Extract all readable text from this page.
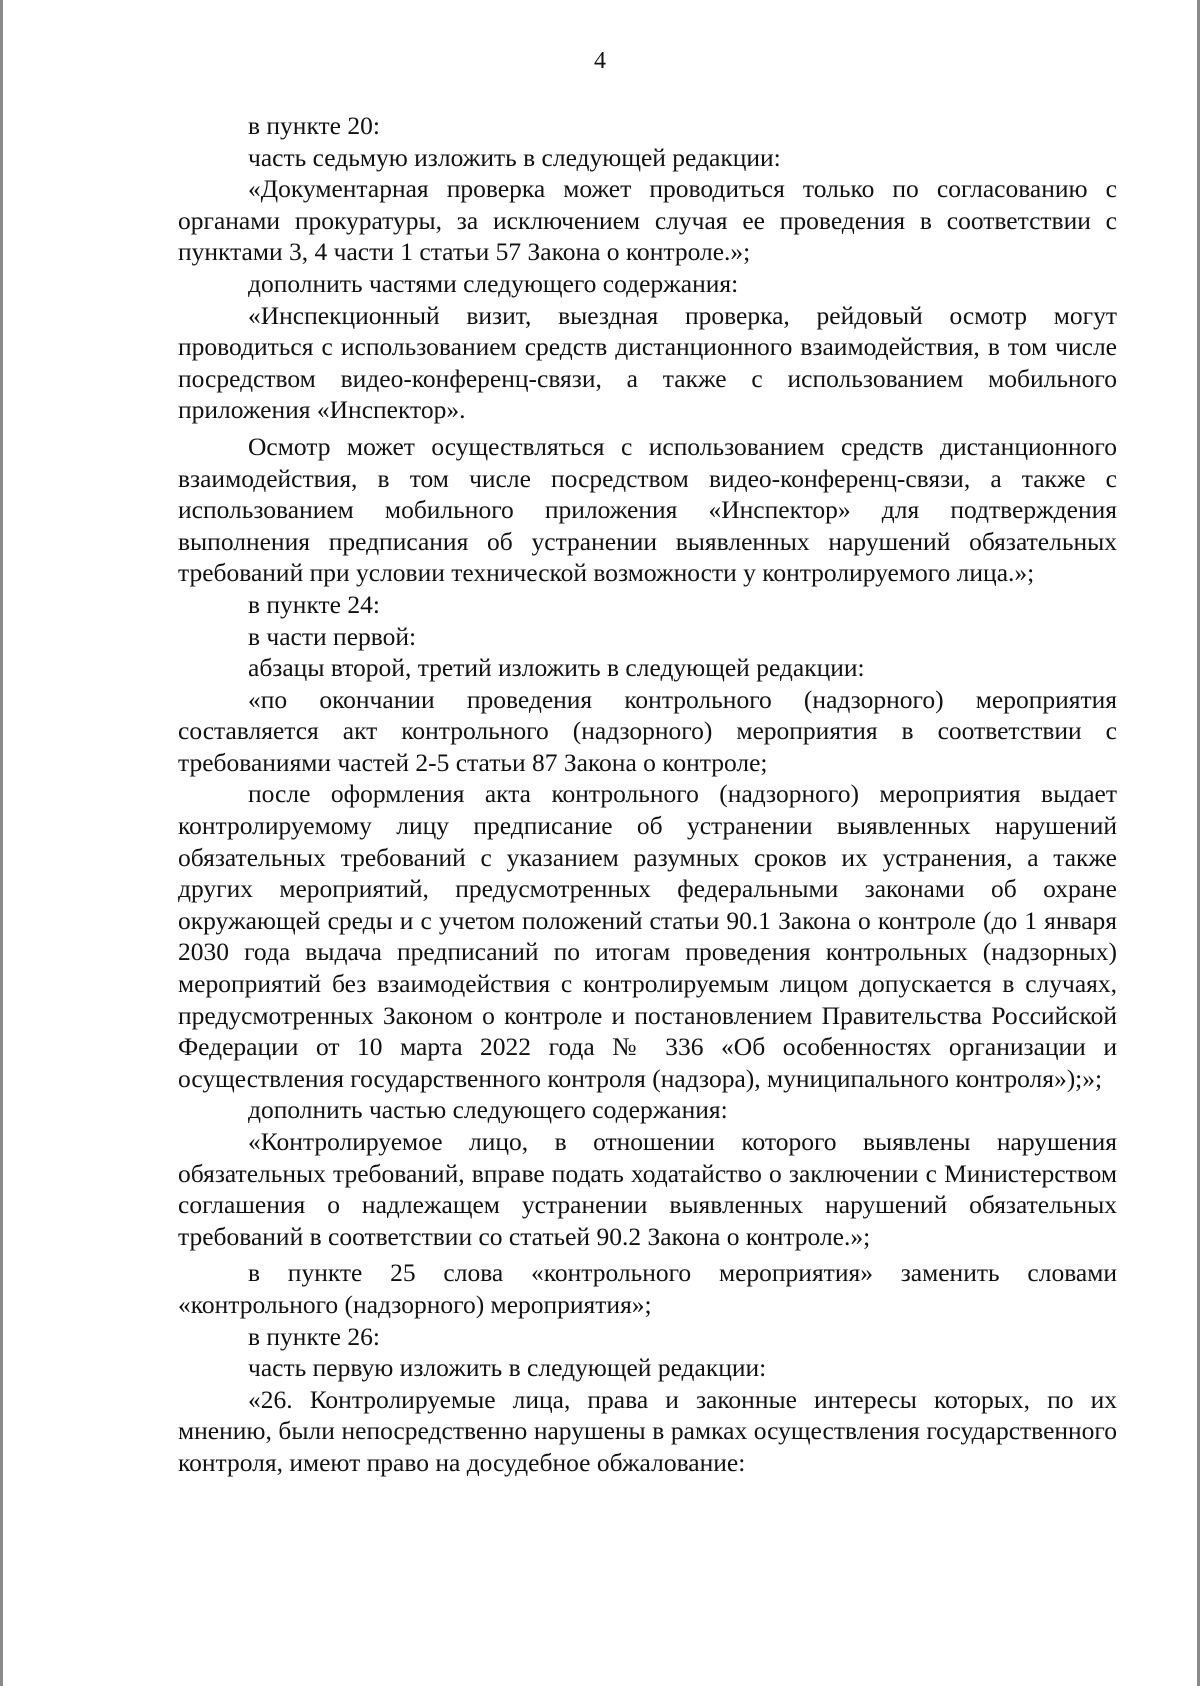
4

в пункте 20:

часть седьмую изложить в следующей редакции:

«Документарная проверка может проводиться только по согласованию с органами прокуратуры, за исключением случая ее проведения в соответствии с пунктами 3, 4 части 1 статьи 57 Закона о контроле.»;

дополнить частями следующего содержания:

«Инспекционный визит, выездная проверка, рейдовый осмотр могут проводиться с использованием средств дистанционного взаимодействия, в том числе посредством видео-конференц-связи, а также с использованием мобильного приложения «Инспектор».

Осмотр может осуществляться с использованием средств дистанционного взаимодействия, в том числе посредством видео-конференц-связи, а также с использованием мобильного приложения «Инспектор» для подтверждения выполнения предписания об устранении выявленных нарушений обязательных требований при условии технической возможности у контролируемого лица.»;

в пункте 24:

в части первой:

абзацы второй, третий изложить в следующей редакции:

«по окончании проведения контрольного (надзорного) мероприятия составляется акт контрольного (надзорного) мероприятия в соответствии с требованиями частей 2-5 статьи 87 Закона о контроле;

после оформления акта контрольного (надзорного) мероприятия выдает контролируемому лицу предписание об устранении выявленных нарушений обязательных требований с указанием разумных сроков их устранения, а также других мероприятий, предусмотренных федеральными законами об охране окружающей среды и с учетом положений статьи 90.1 Закона о контроле (до 1 января 2030 года выдача предписаний по итогам проведения контрольных (надзорных) мероприятий без взаимодействия с контролируемым лицом допускается в случаях, предусмотренных Законом о контроле и постановлением Правительства Российской Федерации от 10 марта 2022 года № 336 «Об особенностях организации и осуществления государственного контроля (надзора), муниципального контроля»);»;

дополнить частью следующего содержания:

«Контролируемое лицо, в отношении которого выявлены нарушения обязательных требований, вправе подать ходатайство о заключении с Министерством соглашения о надлежащем устранении выявленных нарушений обязательных требований в соответствии со статьей 90.2 Закона о контроле.»;

в пункте 25 слова «контрольного мероприятия» заменить словами «контрольного (надзорного) мероприятия»;

в пункте 26:

часть первую изложить в следующей редакции:

«26. Контролируемые лица, права и законные интересы которых, по их мнению, были непосредственно нарушены в рамках осуществления государственного контроля, имеют право на досудебное обжалование:
